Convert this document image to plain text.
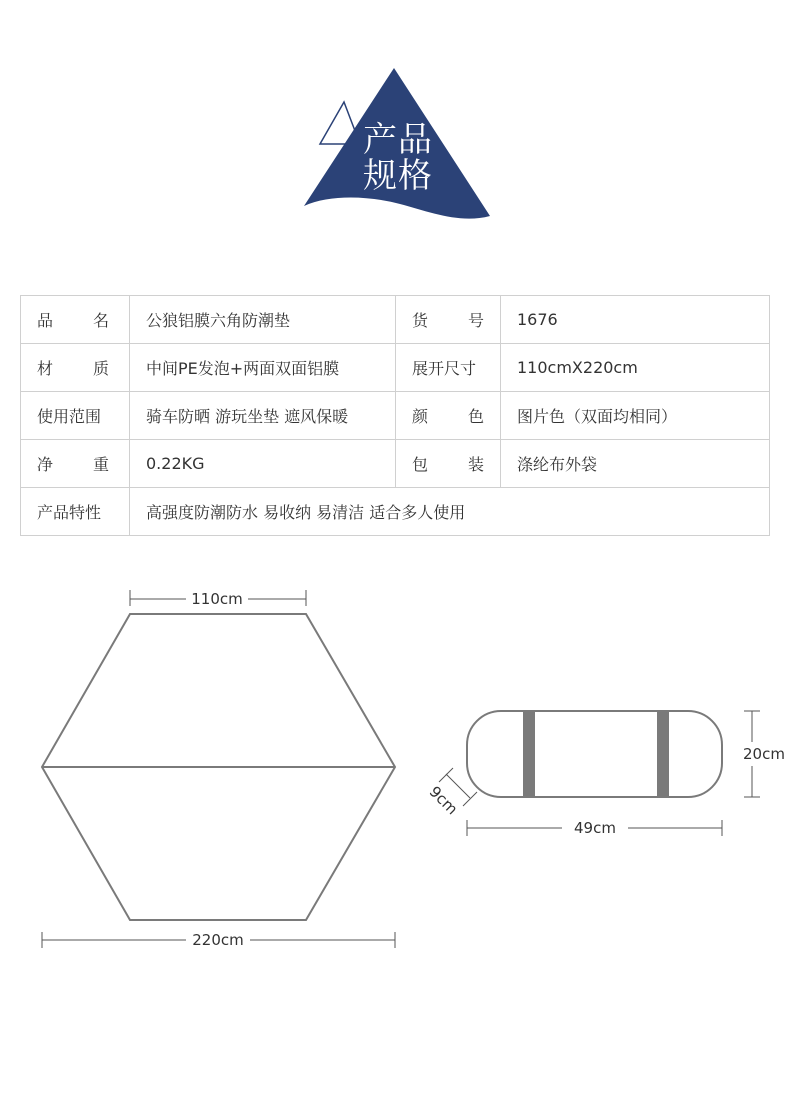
产品
规格
品 名	公狼铝膜六角防潮垫	货 号	1676

材 质	中间PE发泡+两面双面铝膜	展开尺寸	110cmX220cm
使用范围	骑车防晒 游玩坐垫 遮风保暖	颜 色	图片色（双面均相同）

净 重	0.22KG	包 装	涤纶布外袋
产品特性	高强度防潮防水 易收纳 易清洁 适合多人使用		
110cm
220cm
20cm
49cm
9cm
